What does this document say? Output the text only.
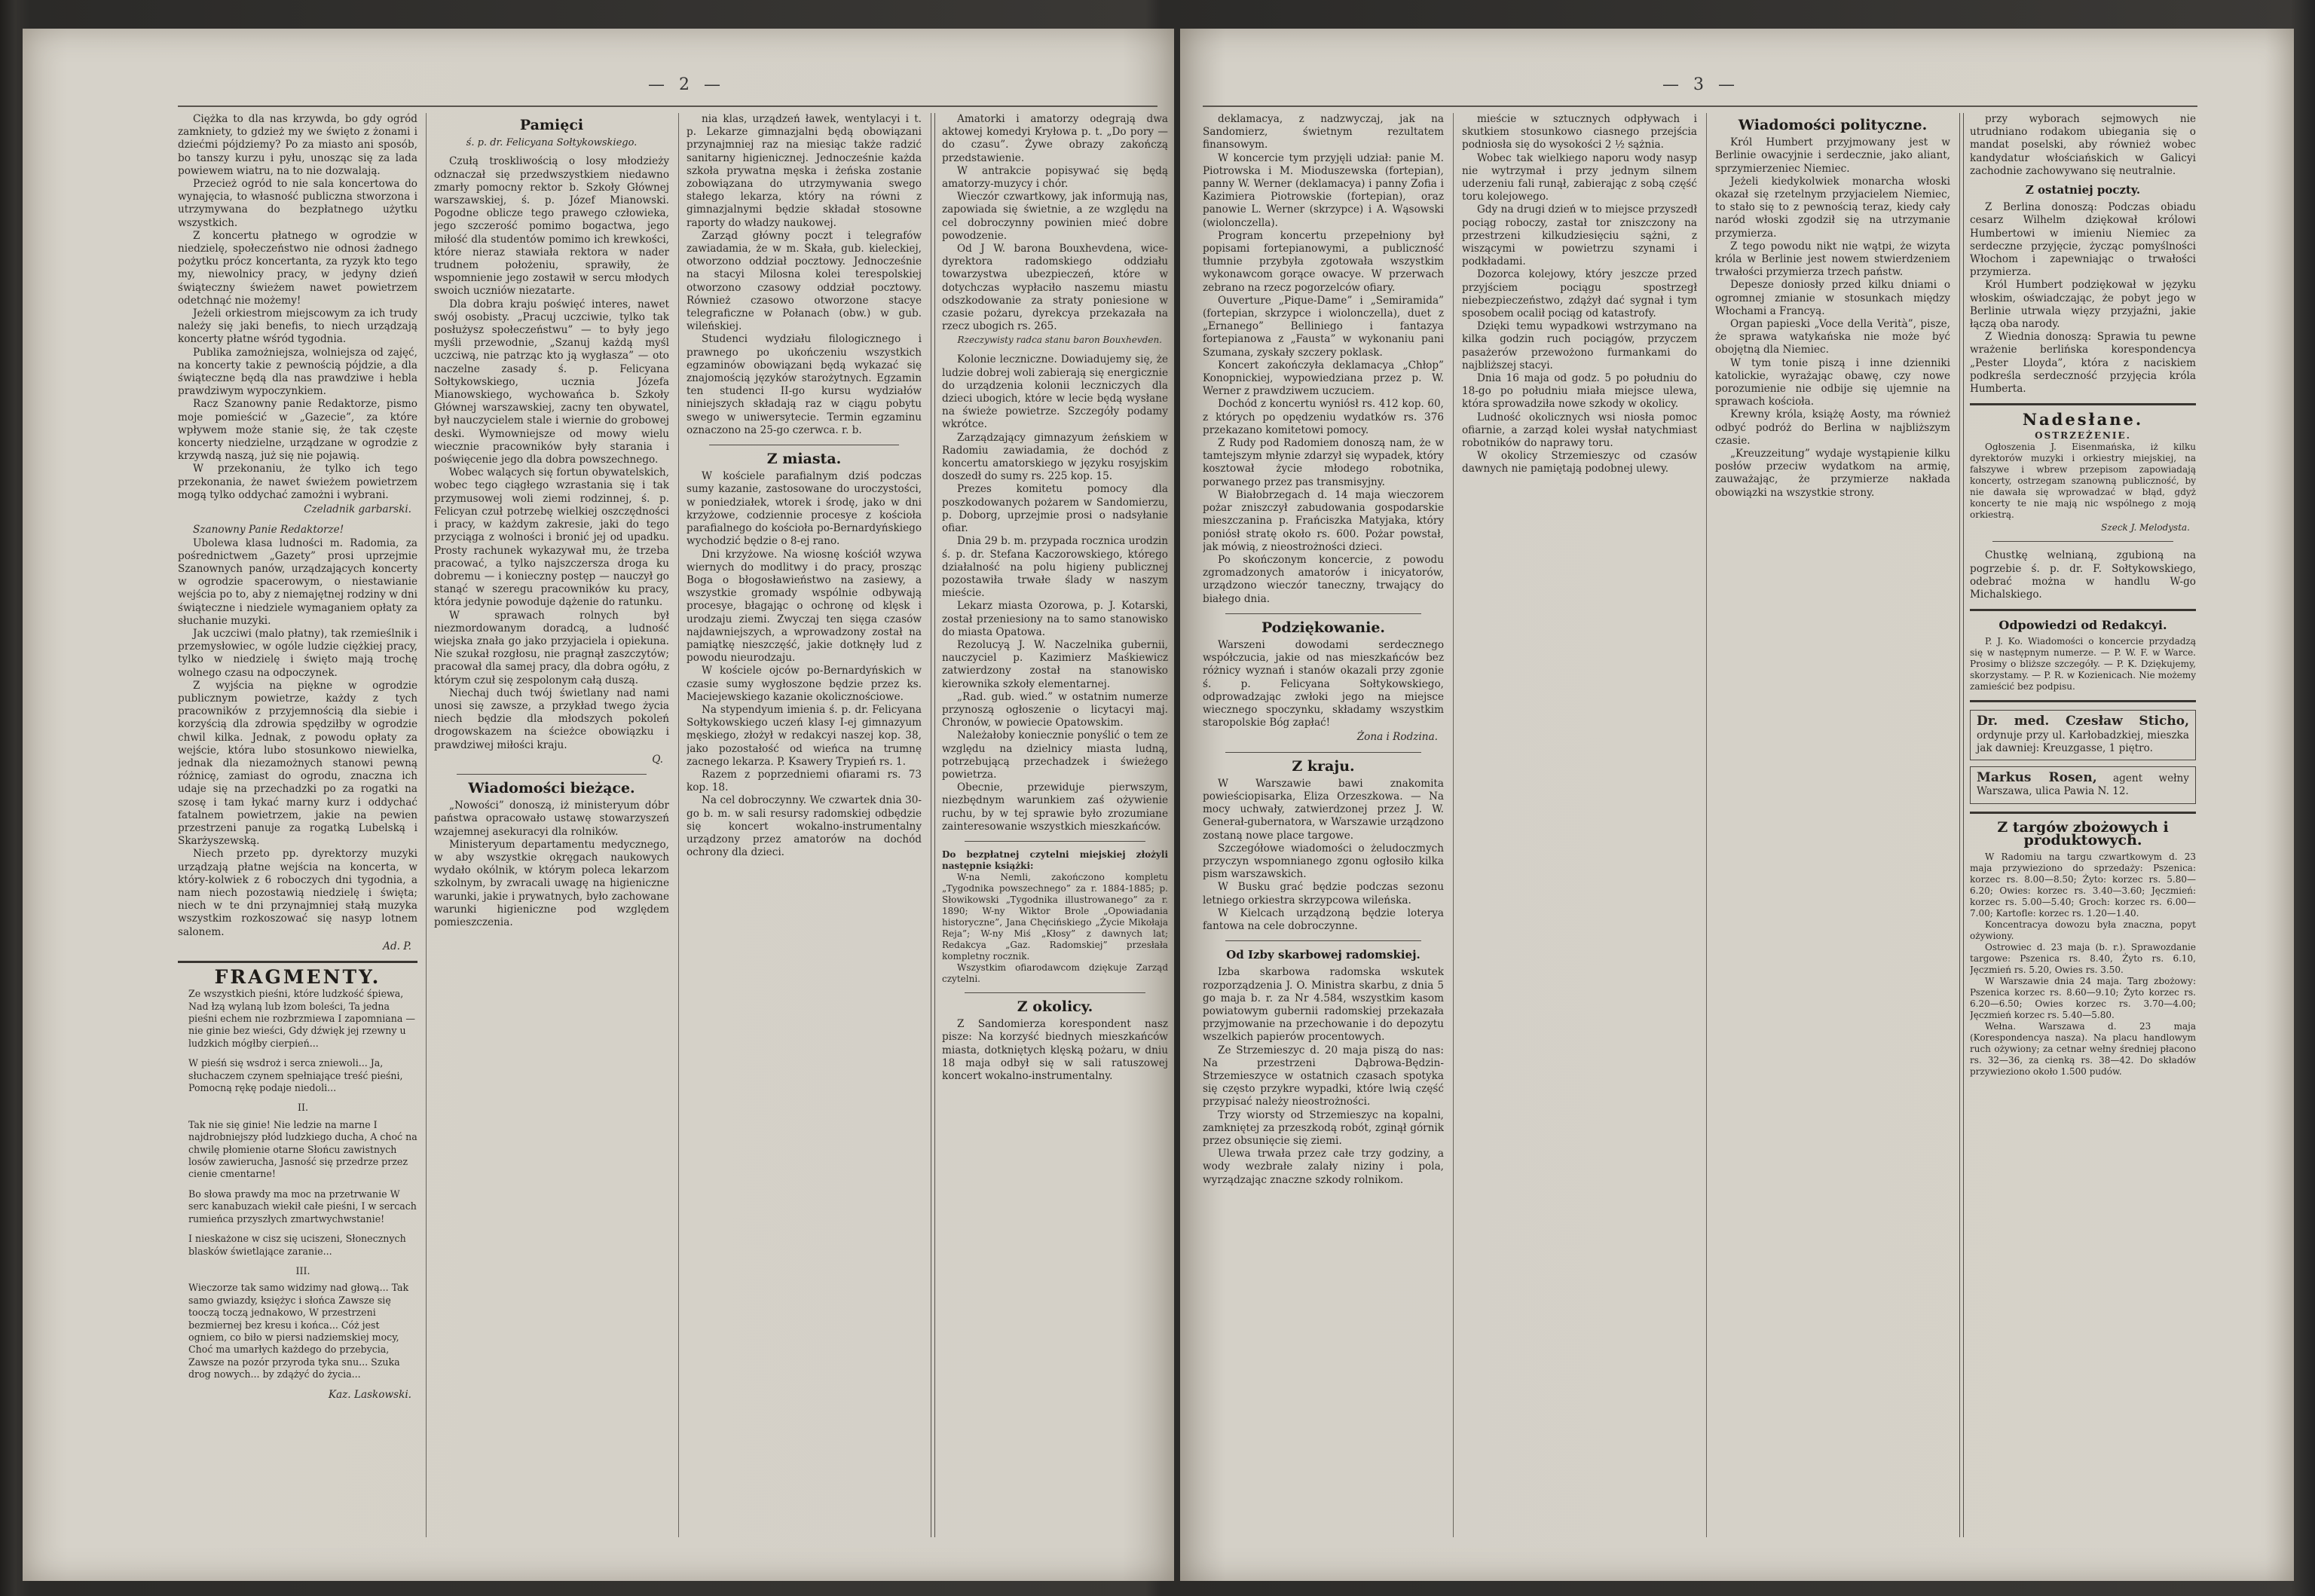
— 2 —

Ciężka to dla nas krzywda, bo gdy ogród zamkniety, to gdzież my we święto z żonami i dziećmi pójdziemy? Po za miasto ani sposób, bo tanszy kurzu i pyłu, unosząc się za lada powiewem wiatru, na to nie dozwalają.

Przecież ogród to nie sala koncertowa do wynajęcia, to własność publiczna stworzona i utrzymywana do bezpłatnego użytku wszystkich.

Z koncertu płatnego w ogrodzie w niedzielę, społeczeństwo nie odnosi żadnego pożytku prócz koncertanta, za ryzyk kto tego my, niewolnicy pracy, w jedyny dzień świąteczny świeżem nawet powietrzem odetchnąć nie możemy!

Jeżeli orkiestrom miejscowym za ich trudy należy się jaki benefis, to niech urządzają koncerty płatne wśród tygodnia.

Publika zamożniejsza, wolniejsza od zajęć, na koncerty takie z pewnością pójdzie, a dla świąteczne będą dla nas prawdziwe i hebla prawdziwym wypoczynkiem.

Racz Szanowny panie Redaktorze, pismo moje pomieścić w „Gazecie”, za które wpływem może stanie się, że tak częste koncerty niedzielne, urządzane w ogrodzie z krzywdą naszą, już się nie pojawią.

W przekonaniu, że tylko ich tego przekonania, że nawet świeżem powietrzem mogą tylko oddychać zamożni i wybrani.

Czeladnik garbarski.

Szanowny Panie Redaktorze!

Ubolewa klasa ludności m. Radomia, za pośrednictwem „Gazety” prosi uprzejmie Szanownych panów, urządzających koncerty w ogrodzie spacerowym, o niestawianie wejścia po to, aby z niemajętnej rodziny w dni świąteczne i niedziele wymaganiem opłaty za słuchanie muzyki.

Jak uczciwi (malo płatny), tak rzemieślnik i przemysłowiec, w ogóle ludzie ciężkiej pracy, tylko w niedzielę i święto mają trochę wolnego czasu na odpoczynek.

Z wyjścia na piękne w ogrodzie publicznym powietrze, każdy z tych pracowników z przyjemnością dla siebie i korzyścią dla zdrowia spędziłby w ogrodzie chwil kilka. Jednak, z powodu opłaty za wejście, która lubo stosunkowo niewielka, jednak dla niezamożnych stanowi pewną różnicę, zamiast do ogrodu, znaczna ich udaje się na przechadzki po za rogatki na szosę i tam łykać marny kurz i oddychać fatalnem powietrzem, jakie na pewien przestrzeni panuje za rogatką Lubelską i Skarżyszewską.

Niech przeto pp. dyrektorzy muzyki urządzają płatne wejścia na koncerta, w który-kolwiek z 6 roboczych dni tygodnia, a nam niech pozostawią niedzielę i święta; niech w te dni przynajmniej stałą muzyka wszystkim rozkoszować się nasyp lotnem salonem.

Ad. P.
FRAGMENTY.

Ze wszystkich pieśni, które ludzkość śpiewa, Nad łzą wylaną lub łzom boleści, Ta jedna pieśni echem nie rozbrzmiewa I zapomniana — nie ginie bez wieści, Gdy dźwięk jej rzewny u ludzkich mógłby cierpień...

W pieśń się wsdroż i serca zniewoli... Ja, słuchaczem czynem spełniające treść pieśni, Pomocną rękę podaje niedoli...

II.

Tak nie się ginie! Nie ledzie na marne I najdrobniejszy płód ludzkiego ducha, A choć na chwilę płomienie otarne Słońcu zawistnych losów zawierucha, Jasność się przedrze przez cienie cmentarne!

Bo słowa prawdy ma moc na przetrwanie W serc kanabuzach wiekił całe pieśni, I w sercach rumieńca przyszłych zmartwychwstanie!

I nieskażone w cisz się uciszeni, Słonecznych blasków świetlające zaranie...

III.

Wieczorze tak samo widzimy nad głową... Tak samo gwiazdy, księżyc i słońca Zawsze się tooczą toczą jednakowo, W przestrzeni bezmiernej bez kresu i końca... Cóż jest ogniem, co biło w piersi nadziemskiej mocy, Choć ma umarłych każdego do przebycia, Zawsze na pozór przyroda tyka snu... Szuka drog nowych... by zdążyć do życia...

Kaz. Laskowski.
Pamięci
ś. p. dr. Felicyana Sołtykowskiego.

Czułą troskliwością o losy młodzieży odznaczał się przedwszystkiem niedawno zmarły pomocny rektor b. Szkoły Głównej warszawskiej, ś. p. Józef Mianowski. Pogodne oblicze tego prawego człowieka, jego szczerość pomimo bogactwa, jego miłość dla studentów pomimo ich krewkości, które nieraz stawiała rektora w nader trudnem położeniu, sprawiły, że wspomnienie jego zostawił w sercu młodych swoich uczniów niezatarte.

Dla dobra kraju poświęć interes, nawet swój osobisty. „Pracuj uczciwie, tylko tak posłużysz społeczeństwu” — to były jego myśli przewodnie, „Szanuj każdą myśl uczciwą, nie patrząc kto ją wygłasza” — oto naczelne zasady ś. p. Felicyana Sołtykowskiego, ucznia Józefa Mianowskiego, wychowańca b. Szkoły Głównej warszawskiej, zacny ten obywatel, był nauczycielem stale i wiernie do grobowej deski. Wymowniejsze od mowy wielu wiecznie pracowników były starania i poświęcenie jego dla dobra powszechnego.

Wobec walących się fortun obywatelskich, wobec tego ciągłego wzrastania się i tak przymusowej woli ziemi rodzinnej, ś. p. Felicyan czuł potrzebę wielkiej oszczędności i pracy, w każdym zakresie, jaki do tego przyciąga z wolności i bronić jej od upadku. Prosty rachunek wykazywał mu, że trzeba pracować, a tylko najszczersza droga ku dobremu — i konieczny postęp — nauczył go stanąć w szeregu pracowników ku pracy, która jedynie powoduje dążenie do ratunku.

W sprawach rolnych był niezmordowanym doradcą, a ludność wiejska znała go jako przyjaciela i opiekuna. Nie szukał rozgłosu, nie pragnął zaszczytów; pracował dla samej pracy, dla dobra ogółu, z którym czuł się zespolonym całą duszą.

Niechaj duch twój świetlany nad nami unosi się zawsze, a przykład twego życia niech będzie dla młodszych pokoleń drogowskazem na ścieżce obowiązku i prawdziwej miłości kraju.

Q.
Wiadomości bieżące.

„Nowości” donoszą, iż ministeryum dóbr państwa opracowało ustawę stowarzyszeń wzajemnej asekuracyi dla rolników.

Ministeryum departamentu medycznego, w aby wszystkie okręgach naukowych wydało okólnik, w którym poleca lekarzom szkolnym, by zwracali uwagę na higieniczne warunki, jakie i prywatnych, było zachowane warunki higieniczne pod względem pomieszczenia.

nia klas, urządzeń ławek, wentylacyi i t. p. Lekarze gimnazjalni będą obowiązani przynajmniej raz na miesiąc także radzić sanitarny higienicznej. Jednocześnie każda szkoła prywatna męska i żeńska zostanie zobowiązana do utrzymywania swego stałego lekarza, który na równi z gimnazjalnymi będzie składał stosowne raporty do władzy naukowej.

Zarząd główny poczt i telegrafów zawiadamia, że w m. Skała, gub. kieleckiej, otworzono oddział pocztowy. Jednocześnie na stacyi Milosna kolei terespolskiej otworzono czasowy oddział pocztowy. Również czasowo otworzone stacye telegraficzne w Połanach (obw.) w gub. wileńskiej.

Studenci wydziału filologicznego i prawnego po ukończeniu wszystkich egzaminów obowiązani będą wykazać się znajomością języków starożytnych. Egzamin ten studenci II-go kursu wydziałów niniejszych składają raz w ciągu pobytu swego w uniwersytecie. Termin egzaminu oznaczono na 25-go czerwca. r. b.

Z miasta.

W kościele parafialnym dziś podczas sumy kazanie, zastosowane do uroczystości, w poniedziałek, wtorek i środę, jako w dni krzyżowe, codziennie procesye z kościoła parafialnego do kościoła po-Bernardyńskiego wychodzić będzie o 8-ej rano.

Dni krzyżowe. Na wiosnę kościół wzywa wiernych do modlitwy i do pracy, prosząc Boga o błogosławieństwo na zasiewy, a wszystkie gromady wspólnie odbywają procesye, błagając o ochronę od klęsk i urodzaju ziemi. Zwyczaj ten sięga czasów najdawniejszych, a wprowadzony został na pamiątkę nieszczęść, jakie dotknęły lud z powodu nieurodzaju.

W kościele ojców po-Bernardyńskich w czasie sumy wygłoszone będzie przez ks. Maciejewskiego kazanie okolicznościowe.

Na stypendyum imienia ś. p. dr. Felicyana Sołtykowskiego uczeń klasy I-ej gimnazyum męskiego, złożył w redakcyi naszej kop. 38, jako pozostałość od wieńca na trumnę zacnego lekarza. P. Ksawery Trypień rs. 1.

Razem z poprzedniemi ofiarami rs. 73 kop. 18.

Na cel dobroczynny. We czwartek dnia 30-go b. m. w sali resursy radomskiej odbędzie się koncert wokalno-instrumentalny urządzony przez amatorów na dochód ochrony dla dzieci.

Amatorki i amatorzy odegrają dwa aktowej komedyi Kryłowa p. t. „Do pory — do czasu”. Żywe obrazy zakończą przedstawienie.

W antrakcie popisywać się będą amatorzy-muzycy i chór.

Wieczór czwartkowy, jak informują nas, zapowiada się świetnie, a ze względu na cel dobroczynny powinien mieć dobre powodzenie.

Od J W. barona Bouxhevdena, wice-dyrektora radomskiego oddziału towarzystwa ubezpieczeń, które w dotychczas wypłaciło naszemu miastu odszkodowanie za straty poniesione w czasie pożaru, dyrekcya przekazała na rzecz ubogich rs. 265.

Rzeczywisty radca stanu baron Bouxhevden.

Kolonie leczniczne. Dowiadujemy się, że ludzie dobrej woli zabierają się energicznie do urządzenia kolonii leczniczych dla dzieci ubogich, które w lecie będą wysłane na świeże powietrze. Szczegóły podamy wkrótce.

Zarządzający gimnazyum żeńskiem w Radomiu zawiadamia, że dochód z koncertu amatorskiego w języku rosyjskim doszedł do sumy rs. 225 kop. 15.

Prezes komitetu pomocy dla poszkodowanych pożarem w Sandomierzu, p. Doborg, uprzejmie prosi o nadsyłanie ofiar.

Dnia 29 b. m. przypada rocznica urodzin ś. p. dr. Stefana Kaczorowskiego, którego działalność na polu higieny publicznej pozostawiła trwałe ślady w naszym mieście.

Lekarz miasta Ozorowa, p. J. Kotarski, został przeniesiony na to samo stanowisko do miasta Opatowa.

Rezolucyą J. W. Naczelnika gubernii, nauczyciel p. Kazimierz Maśkiewicz zatwierdzony został na stanowisko kierownika szkoły elementarnej.

„Rad. gub. wied.” w ostatnim numerze przynoszą ogłoszenie o licytacyi maj. Chronów, w powiecie Opatowskim.

Należałoby koniecznie ponyślić o tem ze względu na dzielnicy miasta ludną, potrzebującą przechadzek i świeżego powietrza.

Obecnie, przewiduje pierwszym, niezbędnym warunkiem zaś ożywienie ruchu, by w tej sprawie było zrozumiane zainteresowanie wszystkich mieszkańców.

Do bezpłatnej czytelni miejskiej złożyli następnie książki:

W-na Nemli, zakończono kompletu „Tygodnika powszechnego” za r. 1884-1885; p. Słowikowski „Tygodnika illustrowanego” za r. 1890; W-ny Wiktor Brole „Opowiadania historyczne”, Jana Chęcińskiego „Życie Mikołaja Reja”; W-ny Miś „Kłosy” z dawnych lat; Redakcya „Gaz. Radomskiej” przesłała kompletny rocznik.

Wszystkim ofiarodawcom dziękuje Zarząd czytelni.

Z okolicy.

Z Sandomierza korespondent nasz pisze: Na korzyść biednych mieszkańców miasta, dotkniętych klęską pożaru, w dniu 18 maja odbył się w sali ratuszowej koncert wokalno-instrumentalny.

— 3 —

deklamacya, z nadzwyczaj, jak na Sandomierz, świetnym rezultatem finansowym.

W koncercie tym przyjęli udział: panie M. Piotrowska i M. Mioduszewska (fortepian), panny W. Werner (deklamacya) i panny Zofia i Kazimiera Piotrowskie (fortepian), oraz panowie L. Werner (skrzypce) i A. Wąsowski (wiolonczella).

Program koncertu przepełniony był popisami fortepianowymi, a publiczność tłumnie przybyła zgotowała wszystkim wykonawcom gorące owacye. W przerwach zebrano na rzecz pogorzelców ofiary.

Ouverture „Pique-Dame” i „Semiramida” (fortepian, skrzypce i wiolonczella), duet z „Ernanego” Belliniego i fantazya fortepianowa z „Fausta” w wykonaniu pani Szumana, zyskały szczery poklask.

Koncert zakończyła deklamacya „Chłop” Konopnickiej, wypowiedziana przez p. W. Werner z prawdziwem uczuciem.

Dochód z koncertu wyniósł rs. 412 kop. 60, z których po opędzeniu wydatków rs. 376 przekazano komitetowi pomocy.

Z Rudy pod Radomiem donoszą nam, że w tamtejszym młynie zdarzył się wypadek, który kosztował życie młodego robotnika, porwanego przez pas transmisyjny.

W Białobrzegach d. 14 maja wieczorem pożar zniszczył zabudowania gospodarskie mieszczanina p. Frańciszka Matyjaka, który poniósł stratę około rs. 600. Pożar powstał, jak mówią, z nieostrożności dzieci.

Po skończonym koncercie, z powodu zgromadzonych amatorów i inicyatorów, urządzono wieczór taneczny, trwający do białego dnia.

Podziękowanie.

Warszeni dowodami serdecznego współczucia, jakie od nas mieszkańców bez różnicy wyznań i stanów okazali przy zgonie ś. p. Felicyana Sołtykowskiego, odprowadzając zwłoki jego na miejsce wiecznego spoczynku, składamy wszystkim staropolskie Bóg zapłać!

Żona i Rodzina.
Z kraju.

W Warszawie bawi znakomita powieściopisarka, Eliza Orzeszkowa. — Na mocy uchwały, zatwierdzonej przez J. W. Generał-gubernatora, w Warszawie urządzono zostaną nowe place targowe.

Szczegółowe wiadomości o żeludoczmych przyczyn wspomnianego zgonu ogłosiło kilka pism warszawskich.

W Busku grać będzie podczas sezonu letniego orkiestra skrzypcowa wileńska.

W Kielcach urządzoną będzie loterya fantowa na cele dobroczynne.

Od Izby skarbowej radomskiej.

Izba skarbowa radomska wskutek rozporządzenia J. O. Ministra skarbu, z dnia 5 go maja b. r. za Nr 4.584, wszystkim kasom powiatowym gubernii radomskiej przekazała przyjmowanie na przechowanie i do depozytu wszelkich papierów procentowych.

Ze Strzemieszyc d. 20 maja piszą do nas: Na przestrzeni Dąbrowa-Będzin-Strzemieszyce w ostatnich czasach spotyka się często przykre wypadki, które lwią część przypisać należy nieostrożności.

Trzy wiorsty od Strzemieszyc na kopalni, zamkniętej za przeszkodą robót, zginął górnik przez obsunięcie się ziemi.

Ulewa trwała przez całe trzy godziny, a wody wezbrałe zalały niziny i pola, wyrządzając znaczne szkody rolnikom.

mieście w sztucznych odpływach i skutkiem stosunkowo ciasnego przejścia podniosła się do wysokości 2 ½ sążnia.

Wobec tak wielkiego naporu wody nasyp nie wytrzymał i przy jednym silnem uderzeniu fali runął, zabierając z sobą część toru kolejowego.

Gdy na drugi dzień w to miejsce przyszedł pociąg roboczy, zastał tor zniszczony na przestrzeni kilkudziesięciu sążni, z wiszącymi w powietrzu szynami i podkładami.

Dozorca kolejowy, który jeszcze przed przyjściem pociągu spostrzegł niebezpieczeństwo, zdążył dać sygnał i tym sposobem ocalił pociąg od katastrofy.

Dzięki temu wypadkowi wstrzymano na kilka godzin ruch pociągów, przyczem pasażerów przewożono furmankami do najbliższej stacyi.

Dnia 16 maja od godz. 5 po południu do 18-go po południu miała miejsce ulewa, która sprowadziła nowe szkody w okolicy.

Ludność okolicznych wsi niosła pomoc ofiarnie, a zarząd kolei wysłał natychmiast robotników do naprawy toru.

W okolicy Strzemieszyc od czasów dawnych nie pamiętają podobnej ulewy.

Wiadomości polityczne.

Król Humbert przyjmowany jest w Berlinie owacyjnie i serdecznie, jako aliant, sprzymierzeniec Niemiec.

Jeżeli kiedykolwiek monarcha włoski okazał się rzetelnym przyjacielem Niemiec, to stało się to z pewnością teraz, kiedy cały naród włoski zgodził się na utrzymanie przymierza.

Z tego powodu nikt nie wątpi, że wizyta króla w Berlinie jest nowem stwierdzeniem trwałości przymierza trzech państw.

Depesze doniosły przed kilku dniami o ogromnej zmianie w stosunkach między Włochami a Francyą.

Organ papieski „Voce della Verità”, pisze, że sprawa watykańska nie może być obojętną dla Niemiec.

W tym tonie piszą i inne dzienniki katolickie, wyrażając obawę, czy nowe porozumienie nie odbije się ujemnie na sprawach kościoła.

Krewny króla, książę Aosty, ma również odbyć podróż do Berlina w najbliższym czasie.

„Kreuzzeitung” wydaje wystąpienie kilku posłów przeciw wydatkom na armię, zauważając, że przymierze nakłada obowiązki na wszystkie strony.

przy wyborach sejmowych nie utrudniano rodakom ubiegania się o mandat poselski, aby również wobec kandydatur włościańskich w Galicyi zachodnie zachowywano się neutralnie.

Z ostatniej poczty.

Z Berlina donoszą: Podczas obiadu cesarz Wilhelm dziękował królowi Humbertowi w imieniu Niemiec za serdeczne przyjęcie, życząc pomyślności Włochom i zapewniając o trwałości przymierza.

Król Humbert podziękował w języku włoskim, oświadczając, że pobyt jego w Berlinie utrwala więzy przyjaźni, jakie łączą oba narody.

Z Wiednia donoszą: Sprawia tu pewne wrażenie berlińska korespondencya „Pester Lloyda”, która z naciskiem podkreśla serdeczność przyjęcia króla Humberta.

Nadesłane.
OSTRZEŻENIE.

Ogłoszenia J. Eisenmańska, iż kilku dyrektorów muzyki i orkiestry miejskiej, na fałszywe i wbrew przepisom zapowiadają koncerty, ostrzegam szanowną publiczność, by nie dawała się wprowadzać w błąd, gdyż koncerty te nie mają nic wspólnego z moją orkiestrą.

Szeck J. Melodysta.

Chustkę welnianą, zgubioną na pogrzebie ś. p. dr. F. Sołtykowskiego, odebrać można w handlu W-go Michalskiego.

Odpowiedzi od Redakcyi.

P. J. Ko. Wiadomości o koncercie przydadzą się w następnym numerze. — P. W. F. w Warce. Prosimy o bliższe szczegóły. — P. K. Dziękujemy, skorzystamy. — P. R. w Kozienicach. Nie możemy zamieścić bez podpisu.

Dr. med. Czesław Sticho, ordynuje przy ul. Karłobadzkiej, mieszka jak dawniej: Kreuzgasse, 1 piętro.
Markus Rosen, agent wełny Warszawa, ulica Pawia N. 12.
Z targów zbożowych i produktowych.

W Radomiu na targu czwartkowym d. 23 maja przywieziono do sprzedaży: Pszenica: korzec rs. 8.00—8.50; Żyto: korzec rs. 5.80—6.20; Owies: korzec rs. 3.40—3.60; Jęczmień: korzec rs. 5.00—5.40; Groch: korzec rs. 6.00—7.00; Kartofle: korzec rs. 1.20—1.40.

Koncentracya dowozu była znaczna, popyt ożywiony.

Ostrowiec d. 23 maja (b. r.). Sprawozdanie targowe: Pszenica rs. 8.40, Żyto rs. 6.10, Jęczmień rs. 5.20, Owies rs. 3.50.

W Warszawie dnia 24 maja. Targ zbożowy: Pszenica korzec rs. 8.60—9.10; Żyto korzec rs. 6.20—6.50; Owies korzec rs. 3.70—4.00; Jęczmień korzec rs. 5.40—5.80.

Wełna. Warszawa d. 23 maja (Korespondencya nasza). Na placu handlowym ruch ożywiony; za cetnar wełny średniej płacono rs. 32—36, za cienką rs. 38—42. Do składów przywieziono około 1.500 pudów.
